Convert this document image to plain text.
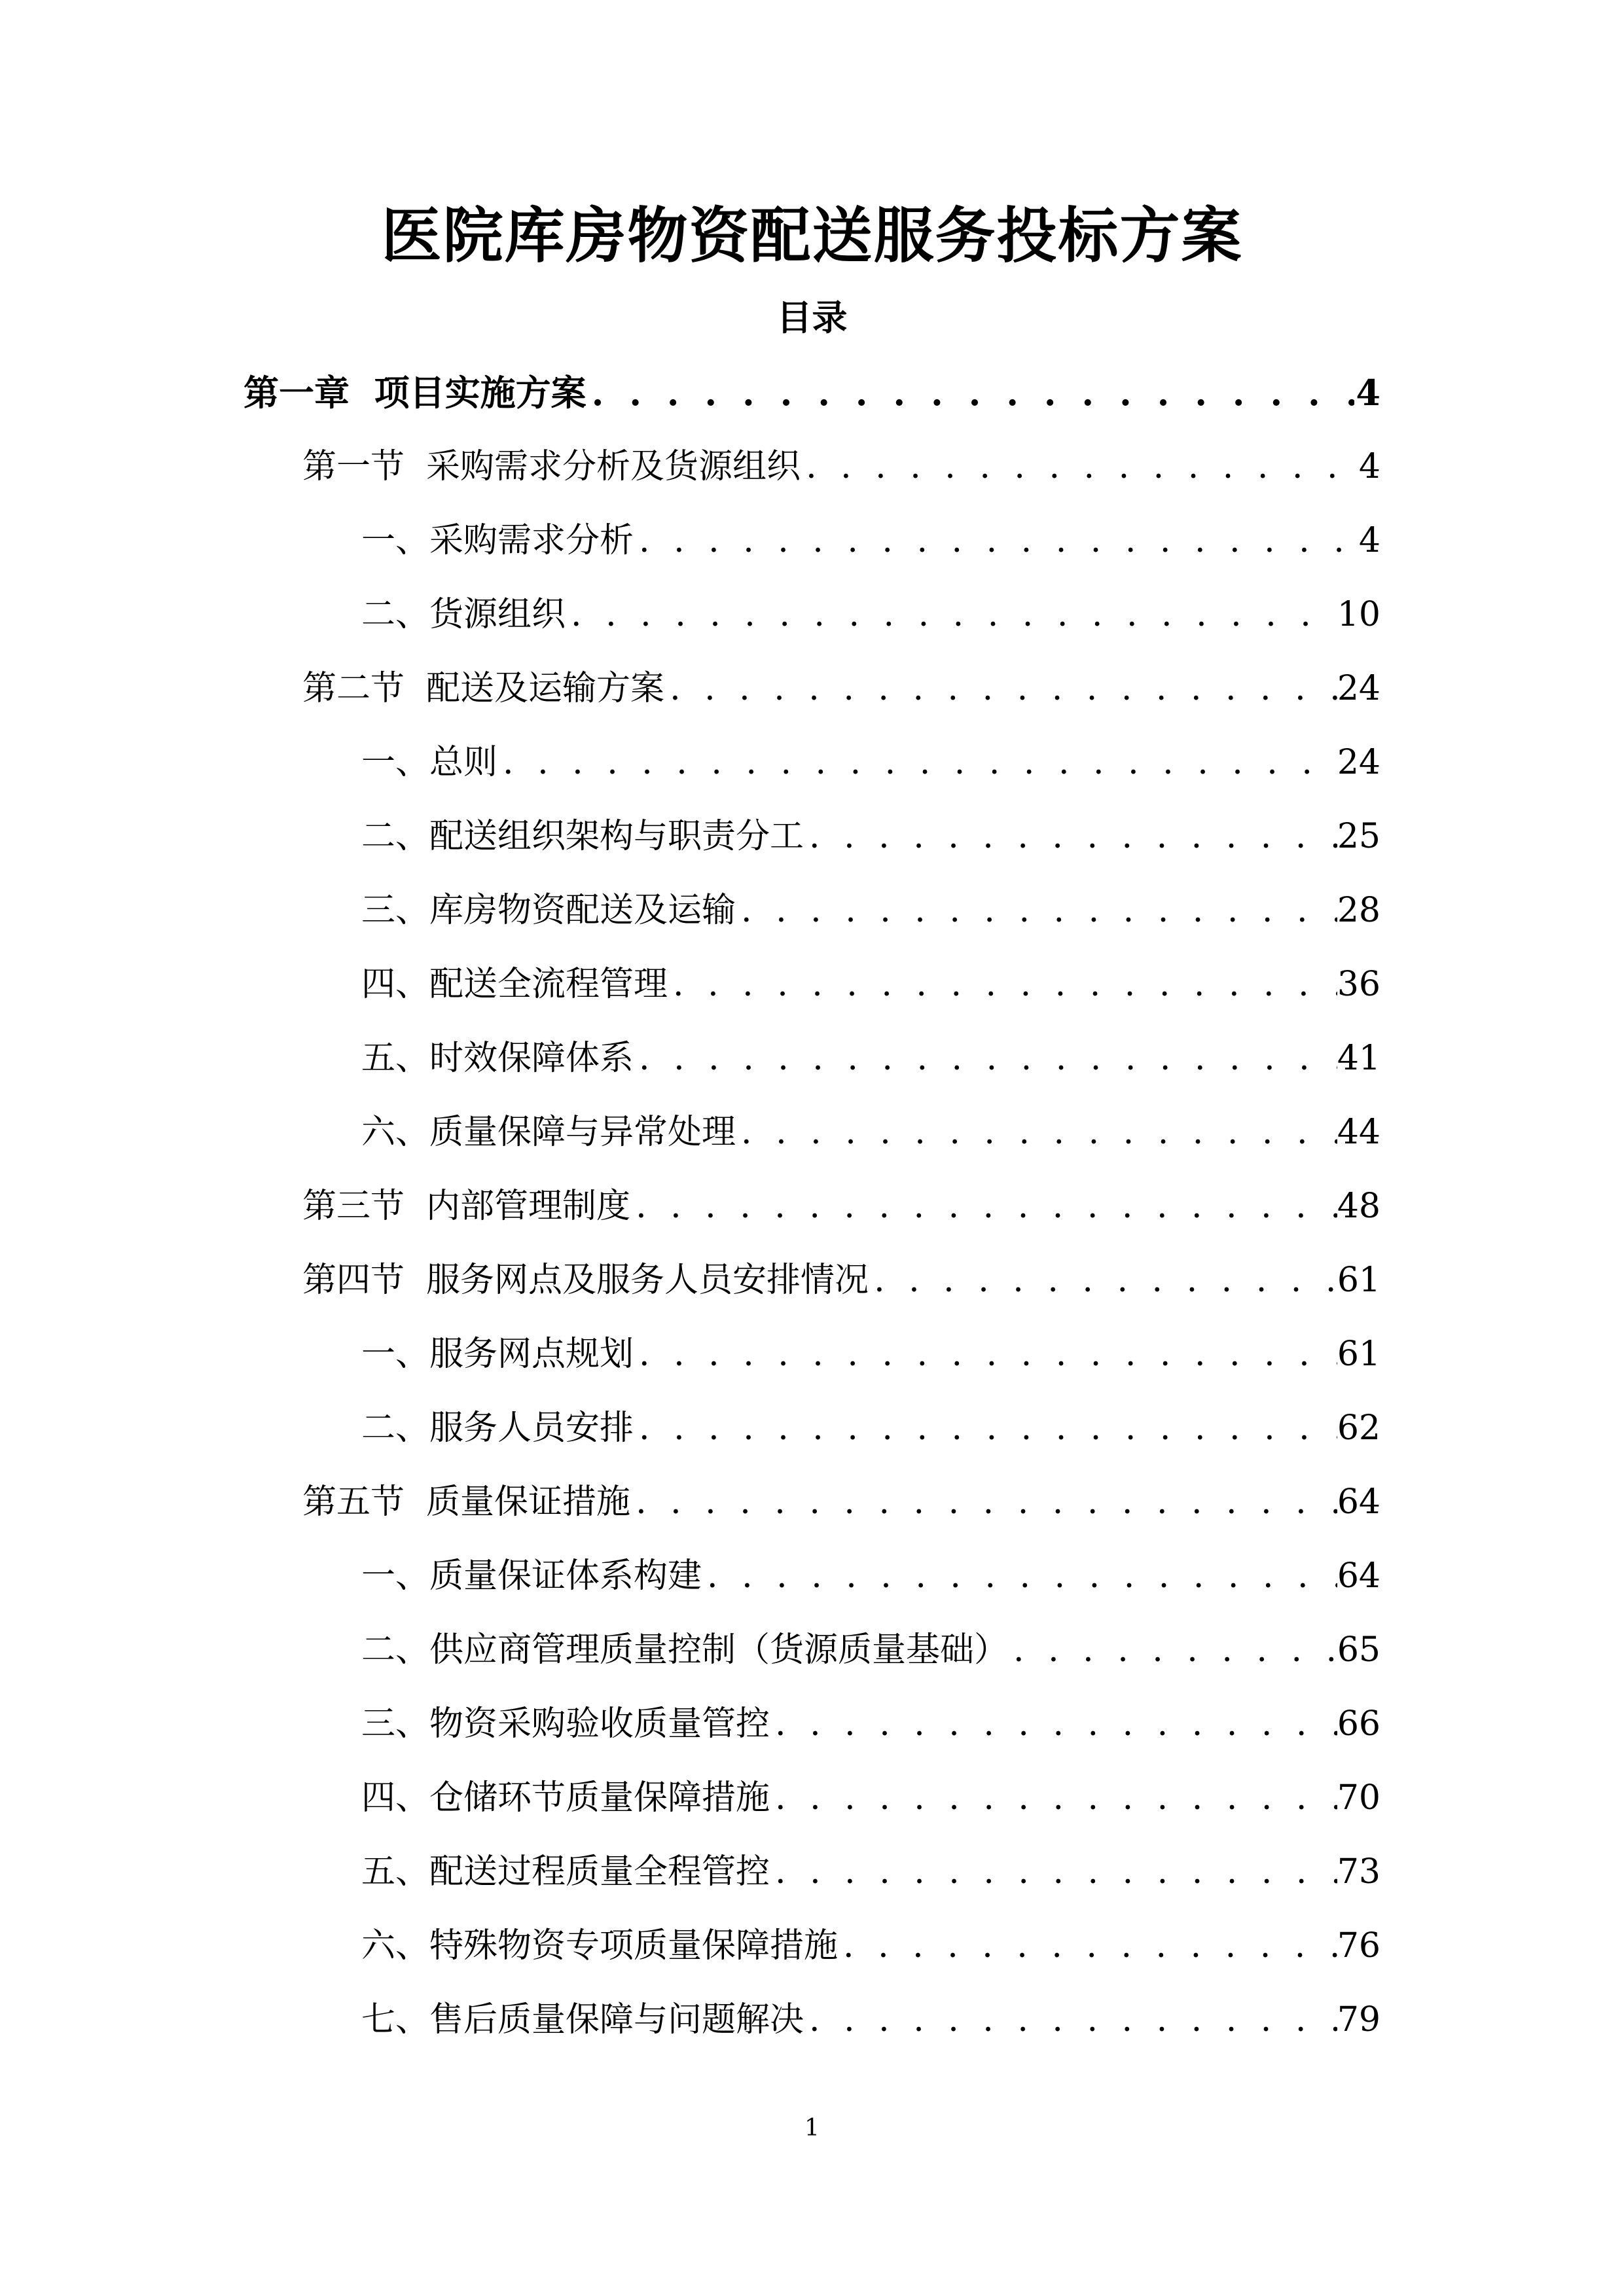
医院库房物资配送服务投标方案
目录
第一章  项目实施方案 . . .	4
第一节  采购需求分析及货源组织 . . .	4
一、采购需求分析 . . .	4
二、货源组织 . . .	10
第二节  配送及运输方案 . . .	24
一、总则 . . .	24
二、配送组织架构与职责分工 . . .	25
三、库房物资配送及运输 . . .	28
四、配送全流程管理 . . .	36
五、时效保障体系 . . .	41
六、质量保障与异常处理 . . .	44
第三节  内部管理制度 . . .	48
第四节  服务网点及服务人员安排情况 . . .	61
一、服务网点规划 . . .	61
二、服务人员安排 . . .	62
第五节  质量保证措施 . . .	64
一、质量保证体系构建 . . .	64
二、供应商管理质量控制（货源质量基础） . . .	65
三、物资采购验收质量管控 . . .	66
四、仓储环节质量保障措施 . . .	70
五、配送过程质量全程管控 . . .	73
六、特殊物资专项质量保障措施 . . .	76
七、售后质量保障与问题解决 . . .	79
1
